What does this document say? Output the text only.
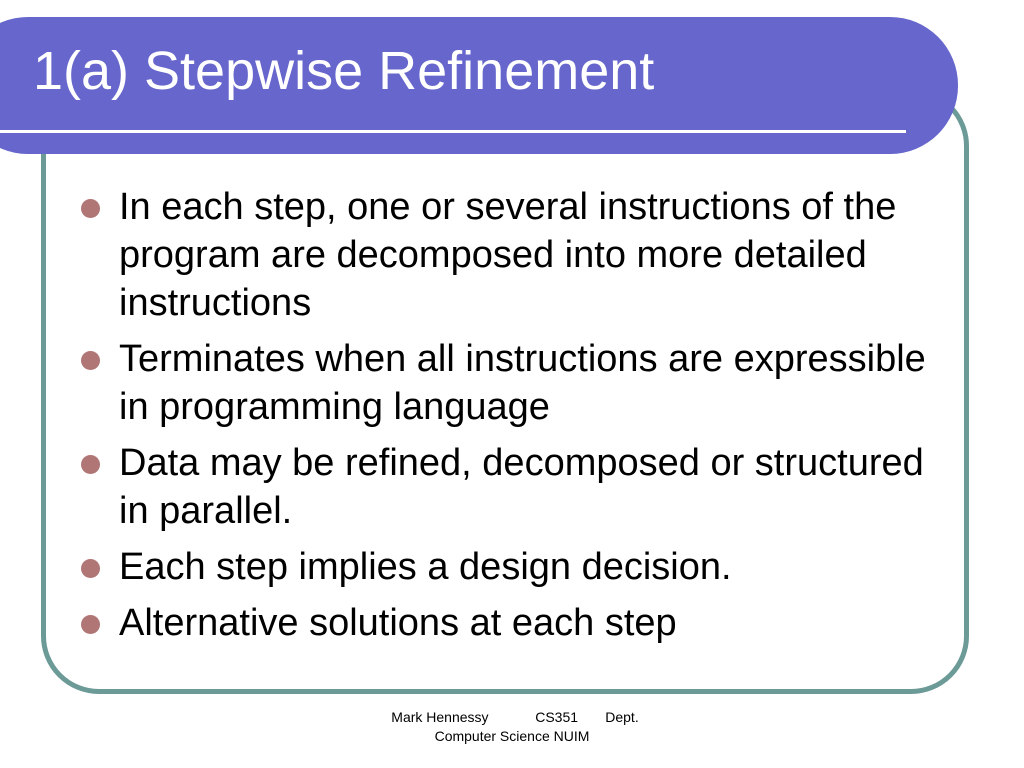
1(a) Stepwise Refinement
In each step, one or several instructions of the program are decomposed into more detailed instructions
Terminates when all instructions are expressible in programming language
Data may be refined, decomposed or structured in parallel.
Each step implies a design decision.
Alternative solutions at each step
Mark Hennessy            CS351       Dept.
Computer Science NUIM
